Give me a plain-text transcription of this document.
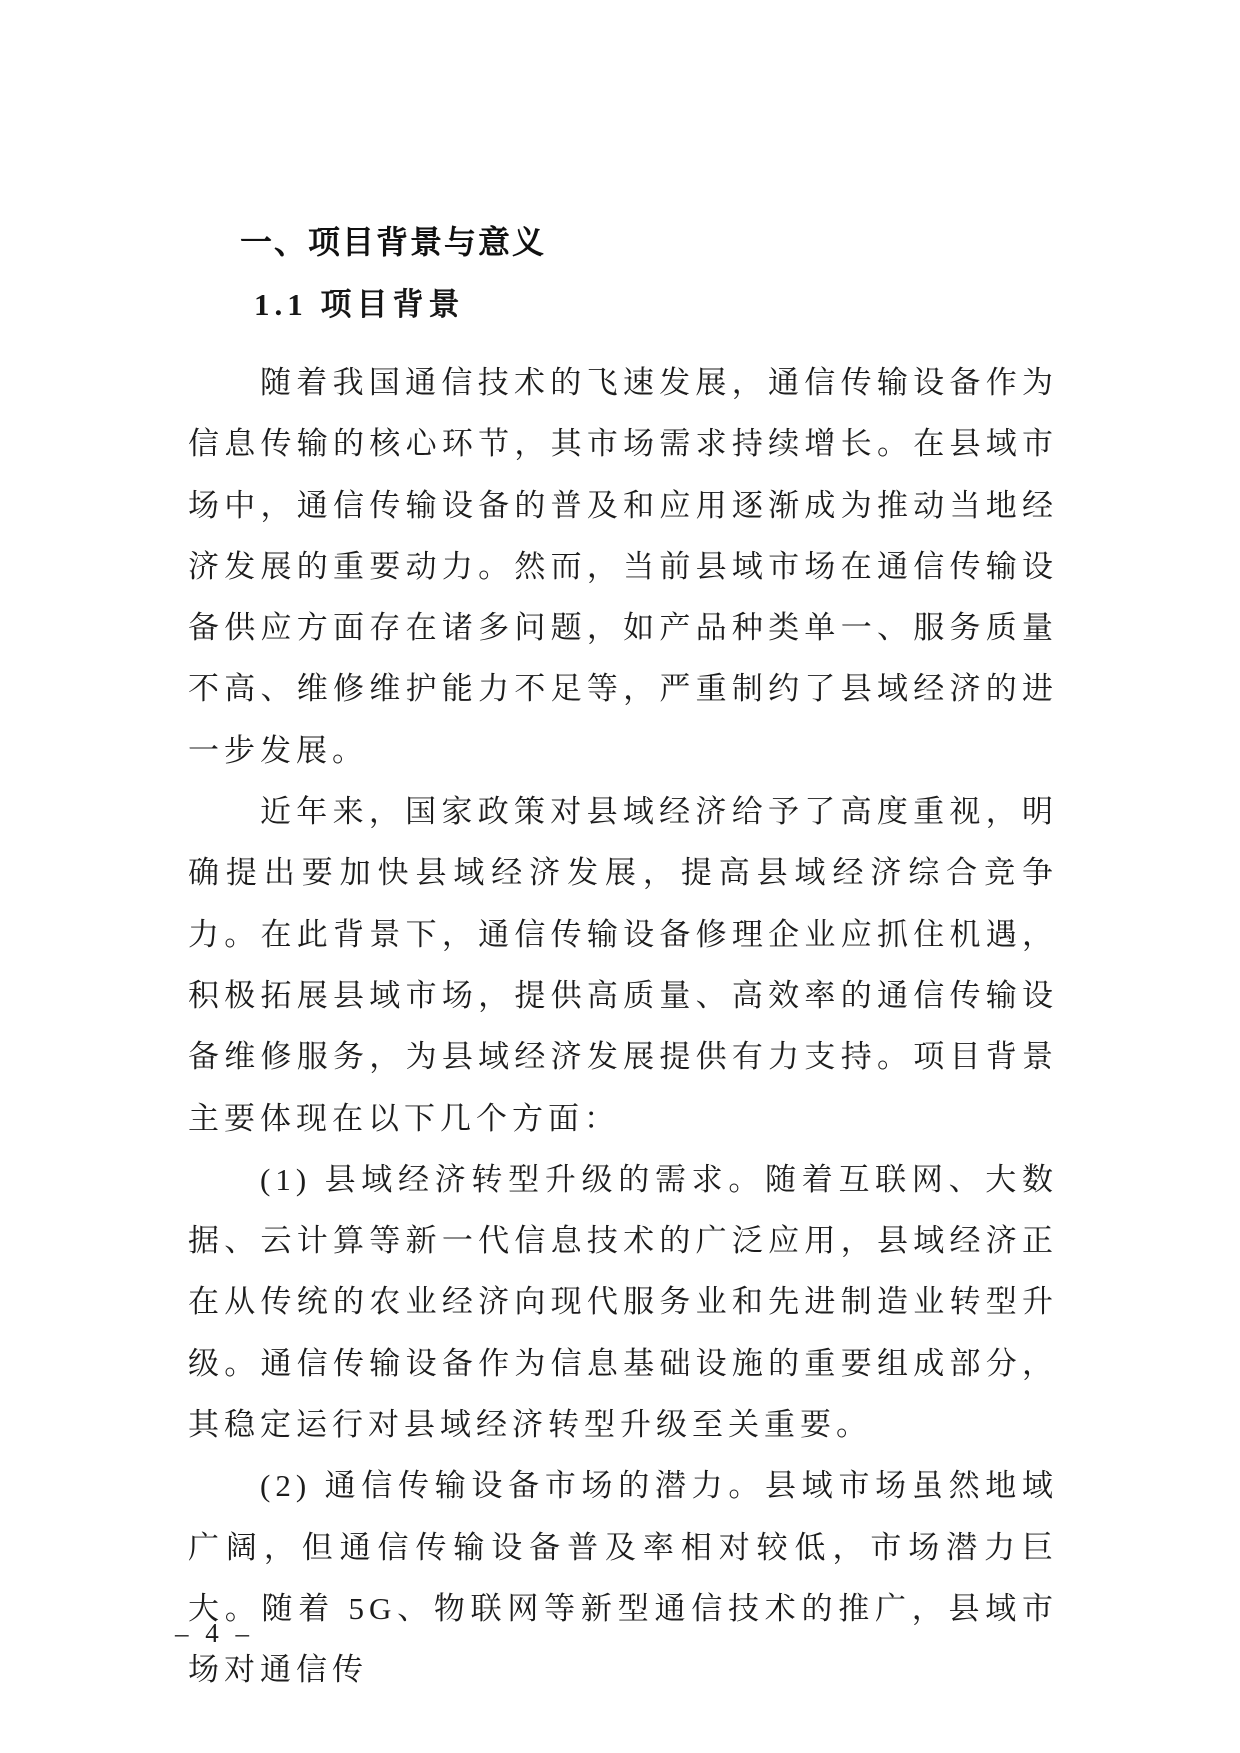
一、项目背景与意义
1.1 项目背景

随着我国通信技术的飞速发展，通信传输设备作为信息传输的核心环节，其市场需求持续增长。在县域市场中，通信传输设备的普及和应用逐渐成为推动当地经济发展的重要动力。然而，当前县域市场在通信传输设备供应方面存在诸多问题，如产品种类单一、服务质量不高、维修维护能力不足等，严重制约了县域经济的进一步发展。

近年来，国家政策对县域经济给予了高度重视，明确提出要加快县域经济发展，提高县域经济综合竞争力。在此背景下，通信传输设备修理企业应抓住机遇，积极拓展县域市场，提供高质量、高效率的通信传输设备维修服务，为县域经济发展提供有力支持。项目背景主要体现在以下几个方面：

(1) 县域经济转型升级的需求。随着互联网、大数据、云计算等新一代信息技术的广泛应用，县域经济正在从传统的农业经济向现代服务业和先进制造业转型升级。通信传输设备作为信息基础设施的重要组成部分，其稳定运行对县域经济转型升级至关重要。

(2) 通信传输设备市场的潜力。县域市场虽然地域广阔，但通信传输设备普及率相对较低，市场潜力巨大。随着 5G、物联网等新型通信技术的推广，县域市场对通信传

– 4 –
